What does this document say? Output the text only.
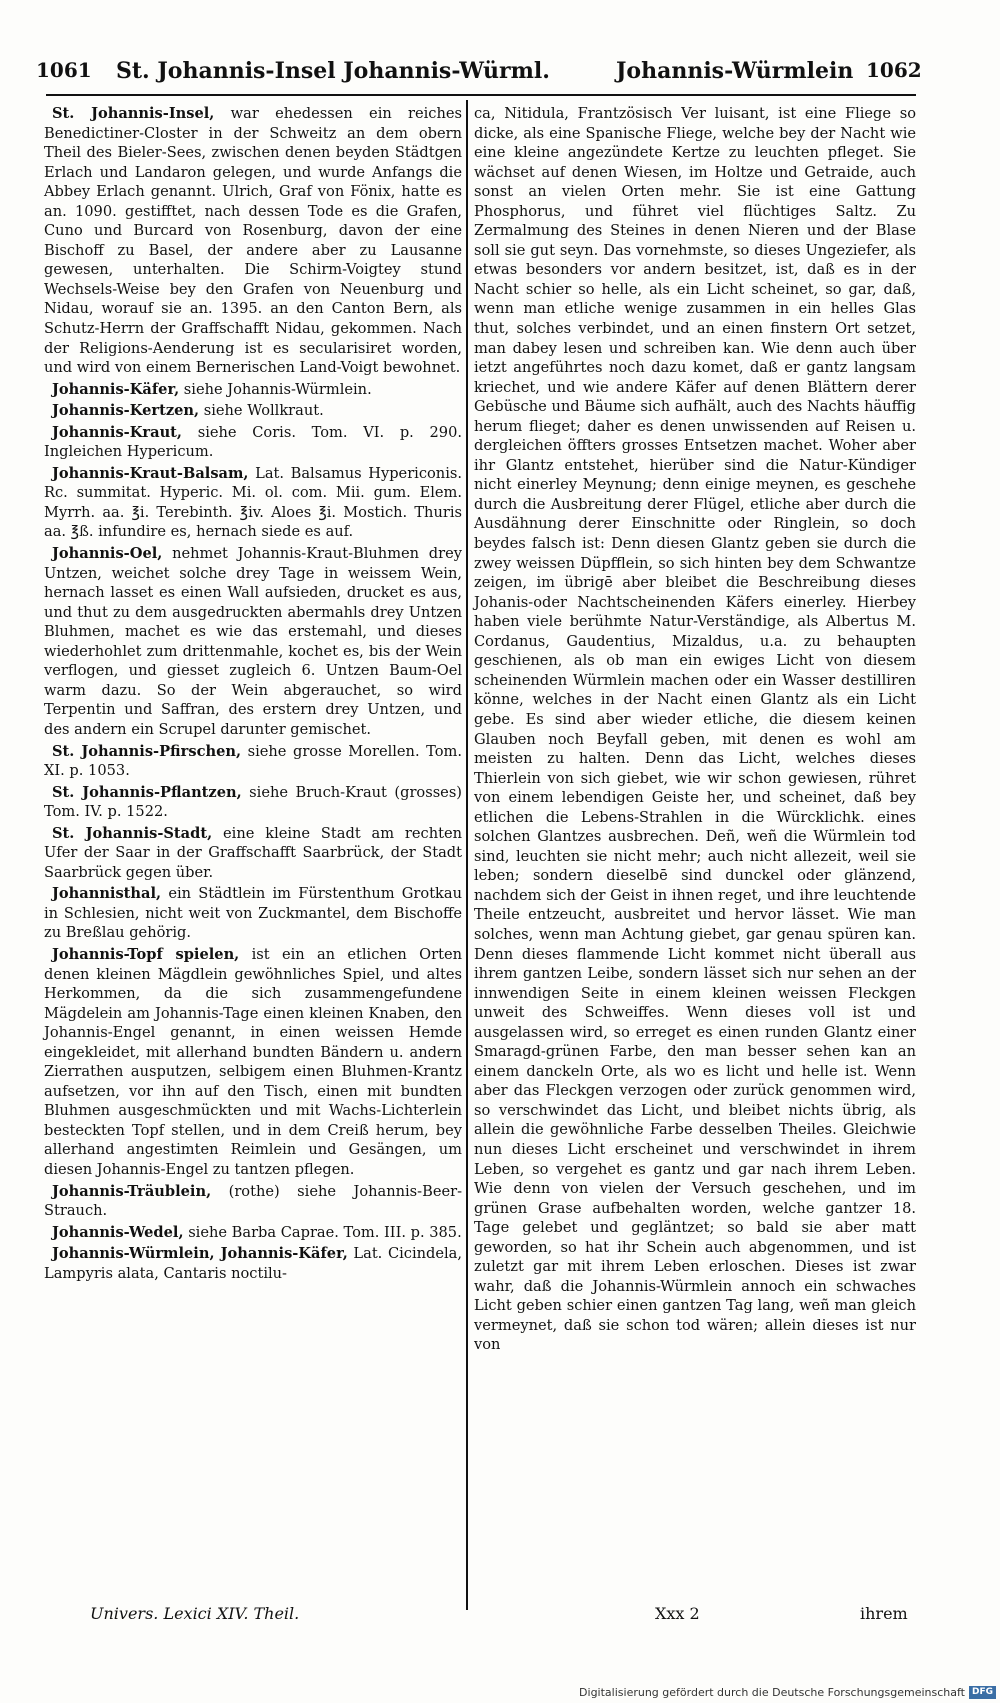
1061 St. Johannis-Insel Johannis-Würml.	Johannis-Würmlein 1062

St. Johannis-Insel, war ehedessen ein reiches Benedictiner-Closter in der Schweitz an dem obern Theil des Bieler-Sees, zwischen denen beyden Städtgen Erlach und Landaron gelegen, und wurde Anfangs die Abbey Erlach genannt. Ulrich, Graf von Fönix, hatte es an. 1090. gestifftet, nach dessen Tode es die Grafen, Cuno und Burcard von Rosenburg, davon der eine Bischoff zu Basel, der andere aber zu Lausanne gewesen, unterhalten. Die Schirm-Voigtey stund Wechsels-Weise bey den Grafen von Neuenburg und Nidau, worauf sie an. 1395. an den Canton Bern, als Schutz-Herrn der Graffschafft Nidau, gekommen. Nach der Religions-Aenderung ist es secularisiret worden, und wird von einem Bernerischen Land-Voigt bewohnet.

Johannis-Käfer, siehe Johannis-Würmlein.

Johannis-Kertzen, siehe Wollkraut.

Johannis-Kraut, siehe Coris. Tom. VI. p. 290. Ingleichen Hypericum.

Johannis-Kraut-Balsam, Lat. Balsamus Hypericonis. Rc. summitat. Hyperic. Mi. ol. com. Mii. gum. Elem. Myrrh. aa. ℥i. Terebinth. ℥iv. Aloes ℥i. Mostich. Thuris aa. ℥ß. infundire es, hernach siede es auf.

Johannis-Oel, nehmet Johannis-Kraut-Bluhmen drey Untzen, weichet solche drey Tage in weissem Wein, hernach lasset es einen Wall aufsieden, drucket es aus, und thut zu dem ausgedruckten abermahls drey Untzen Bluhmen, machet es wie das erstemahl, und dieses wiederhohlet zum drittenmahle, kochet es, bis der Wein verflogen, und giesset zugleich 6. Untzen Baum-Oel warm dazu. So der Wein abgerauchet, so wird Terpentin und Saffran, des erstern drey Untzen, und des andern ein Scrupel darunter gemischet.

St. Johannis-Pfirschen, siehe grosse Morellen. Tom. XI. p. 1053.

St. Johannis-Pflantzen, siehe Bruch-Kraut (grosses) Tom. IV. p. 1522.

St. Johannis-Stadt, eine kleine Stadt am rechten Ufer der Saar in der Graffschafft Saarbrück, der Stadt Saarbrück gegen über.

Johannisthal, ein Städtlein im Fürstenthum Grotkau in Schlesien, nicht weit von Zuckmantel, dem Bischoffe zu Breßlau gehörig.

Johannis-Topf spielen, ist ein an etlichen Orten denen kleinen Mägdlein gewöhnliches Spiel, und altes Herkommen, da die sich zusammengefundene Mägdelein am Johannis-Tage einen kleinen Knaben, den Johannis-Engel genannt, in einen weissen Hemde eingekleidet, mit allerhand bundten Bändern u. andern Zierrathen ausputzen, selbigem einen Bluhmen-Krantz aufsetzen, vor ihn auf den Tisch, einen mit bundten Bluhmen ausgeschmückten und mit Wachs-Lichterlein besteckten Topf stellen, und in dem Creiß herum, bey allerhand angestimten Reimlein und Gesängen, um diesen Johannis-Engel zu tantzen pflegen.

Johannis-Träublein, (rothe) siehe Johannis-Beer-Strauch.

Johannis-Wedel, siehe Barba Caprae. Tom. III. p. 385.

Johannis-Würmlein, Johannis-Käfer, Lat. Cicindela, Lampyris alata, Cantaris noctilu-

ca, Nitidula, Frantzösisch Ver luisant, ist eine Fliege so dicke, als eine Spanische Fliege, welche bey der Nacht wie eine kleine angezündete Kertze zu leuchten pfleget. Sie wächset auf denen Wiesen, im Holtze und Getraide, auch sonst an vielen Orten mehr. Sie ist eine Gattung Phosphorus, und führet viel flüchtiges Saltz. Zu Zermalmung des Steines in denen Nieren und der Blase soll sie gut seyn. Das vornehmste, so dieses Ungeziefer, als etwas besonders vor andern besitzet, ist, daß es in der Nacht schier so helle, als ein Licht scheinet, so gar, daß, wenn man etliche wenige zusammen in ein helles Glas thut, solches verbindet, und an einen finstern Ort setzet, man dabey lesen und schreiben kan. Wie denn auch über ietzt angeführtes noch dazu komet, daß er gantz langsam kriechet, und wie andere Käfer auf denen Blättern derer Gebüsche und Bäume sich aufhält, auch des Nachts häuffig herum flieget; daher es denen unwissenden auf Reisen u. dergleichen öffters grosses Entsetzen machet. Woher aber ihr Glantz entstehet, hierüber sind die Natur-Kündiger nicht einerley Meynung; denn einige meynen, es geschehe durch die Ausbreitung derer Flügel, etliche aber durch die Ausdähnung derer Einschnitte oder Ringlein, so doch beydes falsch ist: Denn diesen Glantz geben sie durch die zwey weissen Düpfflein, so sich hinten bey dem Schwantze zeigen, im übrigē aber bleibet die Beschreibung dieses Johanis-oder Nachtscheinenden Käfers einerley. Hierbey haben viele berühmte Natur-Verständige, als Albertus M. Cordanus, Gaudentius, Mizaldus, u.a. zu behaupten geschienen, als ob man ein ewiges Licht von diesem scheinenden Würmlein machen oder ein Wasser destilliren könne, welches in der Nacht einen Glantz als ein Licht gebe. Es sind aber wieder etliche, die diesem keinen Glauben noch Beyfall geben, mit denen es wohl am meisten zu halten. Denn das Licht, welches dieses Thierlein von sich giebet, wie wir schon gewiesen, rühret von einem lebendigen Geiste her, und scheinet, daß bey etlichen die Lebens-Strahlen in die Würcklichk. eines solchen Glantzes ausbrechen. Deñ, weñ die Würmlein tod sind, leuchten sie nicht mehr; auch nicht allezeit, weil sie leben; sondern dieselbē sind dunckel oder glänzend, nachdem sich der Geist in ihnen reget, und ihre leuchtende Theile entzeucht, ausbreitet und hervor lässet. Wie man solches, wenn man Achtung giebet, gar genau spüren kan. Denn dieses flammende Licht kommet nicht überall aus ihrem gantzen Leibe, sondern lässet sich nur sehen an der innwendigen Seite in einem kleinen weissen Fleckgen unweit des Schweiffes. Wenn dieses voll ist und ausgelassen wird, so erreget es einen runden Glantz einer Smaragd-grünen Farbe, den man besser sehen kan an einem danckeln Orte, als wo es licht und helle ist. Wenn aber das Fleckgen verzogen oder zurück genommen wird, so verschwindet das Licht, und bleibet nichts übrig, als allein die gewöhnliche Farbe desselben Theiles. Gleichwie nun dieses Licht erscheinet und verschwindet in ihrem Leben, so vergehet es gantz und gar nach ihrem Leben. Wie denn von vielen der Versuch geschehen, und im grünen Grase aufbehalten worden, welche gantzer 18. Tage gelebet und gegläntzet; so bald sie aber matt geworden, so hat ihr Schein auch abgenommen, und ist zuletzt gar mit ihrem Leben erloschen. Dieses ist zwar wahr, daß die Johannis-Würmlein annoch ein schwaches Licht geben schier einen gantzen Tag lang, weñ man gleich vermeynet, daß sie schon tod wären; allein dieses ist nur von

Univers. Lexici XIV. Theil.	Xxx 2	ihrem
Digitalisierung gefördert durch die Deutsche Forschungsgemeinschaft DFG
